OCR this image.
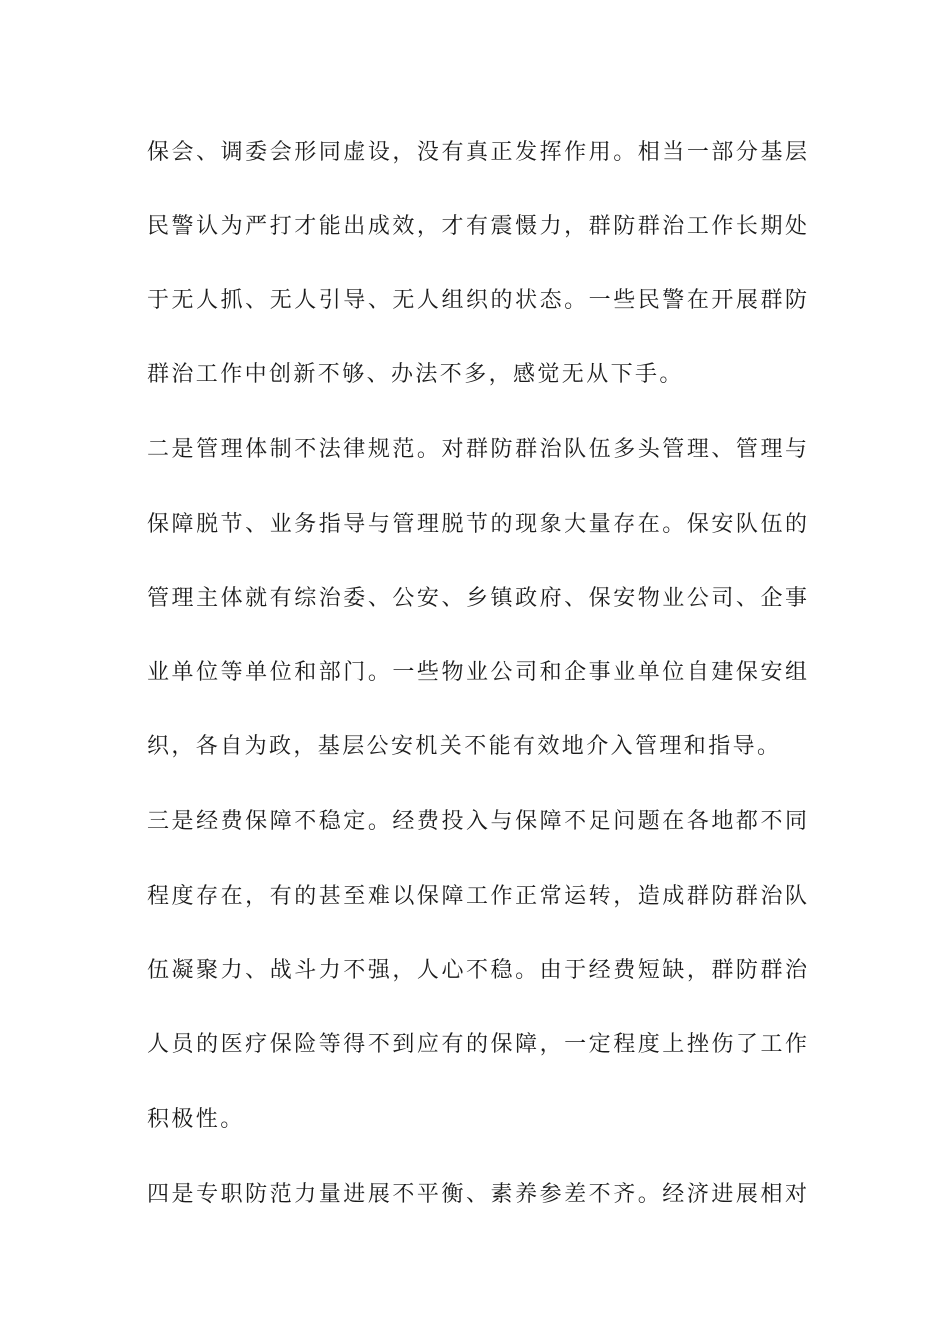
保会、调委会形同虚设，没有真正发挥作用。相当一部分基层
民警认为严打才能出成效，才有震慑力，群防群治工作长期处
于无人抓、无人引导、无人组织的状态。一些民警在开展群防
群治工作中创新不够、办法不多，感觉无从下手。
二是管理体制不法律规范。对群防群治队伍多头管理、管理与
保障脱节、业务指导与管理脱节的现象大量存在。保安队伍的
管理主体就有综治委、公安、乡镇政府、保安物业公司、企事
业单位等单位和部门。一些物业公司和企事业单位自建保安组
织，各自为政，基层公安机关不能有效地介入管理和指导。
三是经费保障不稳定。经费投入与保障不足问题在各地都不同
程度存在，有的甚至难以保障工作正常运转，造成群防群治队
伍凝聚力、战斗力不强，人心不稳。由于经费短缺，群防群治
人员的医疗保险等得不到应有的保障，一定程度上挫伤了工作
积极性。
四是专职防范力量进展不平衡、素养参差不齐。经济进展相对
